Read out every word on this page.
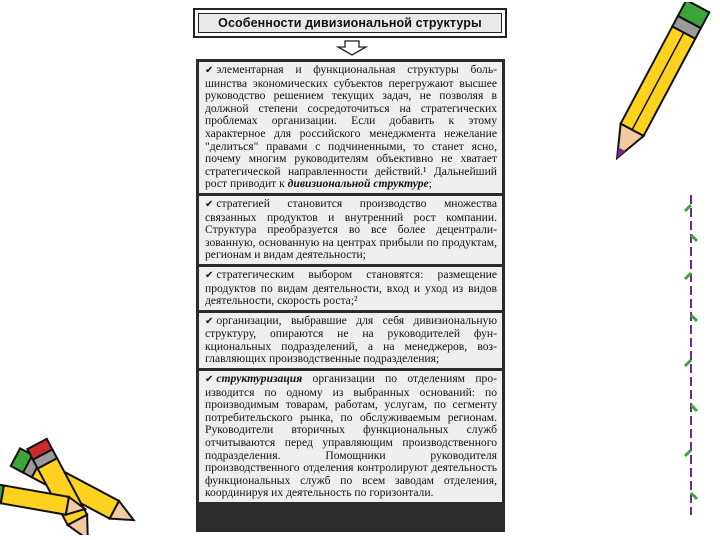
Особенности дивизиональной структуры
✔ элементарная и функциональная структуры большинства экономических субъектов перегружают высшее руководство решением текущих задач, не позволяя в должной степени сосредоточиться на стратегических проблемах организации. Если добавить к этому характерное для российского менеджмента нежелание "делиться" правами с подчиненными, то станет ясно, почему многим руководителям объективно не хватает стратегической направленности действий.¹ Дальнейший рост приводит к дивизиональной структуре;
✔ стратегией становится производство множества связанных продуктов и внутренний рост компании. Структура преобразуется во все более децентрализованную, основанную на центрах прибыли по продуктам, регионам и видам деятельности;
✔ стратегическим выбором становятся: размещение продуктов по видам деятельности, вход и уход из видов деятельности, скорость роста;²
✔ организации, выбравшие для себя дивизиональную структуру, опираются не на руководителей функциональных подразделений, а на менеджеров, возглавляющих производственные подразделения;
✔ структуризация организации по отделениям производится по одному из выбранных оснований: по производимым товарам, работам, услугам, по сегменту потребительского рынка, по обслуживаемым регионам. Руководители вторичных функциональных служб отчитываются перед управляющим производственного подразделения. Помощники руководителя производственного отделения контролируют деятельность функциональных служб по всем заводам отделения, координируя их деятельность по горизонтали.
